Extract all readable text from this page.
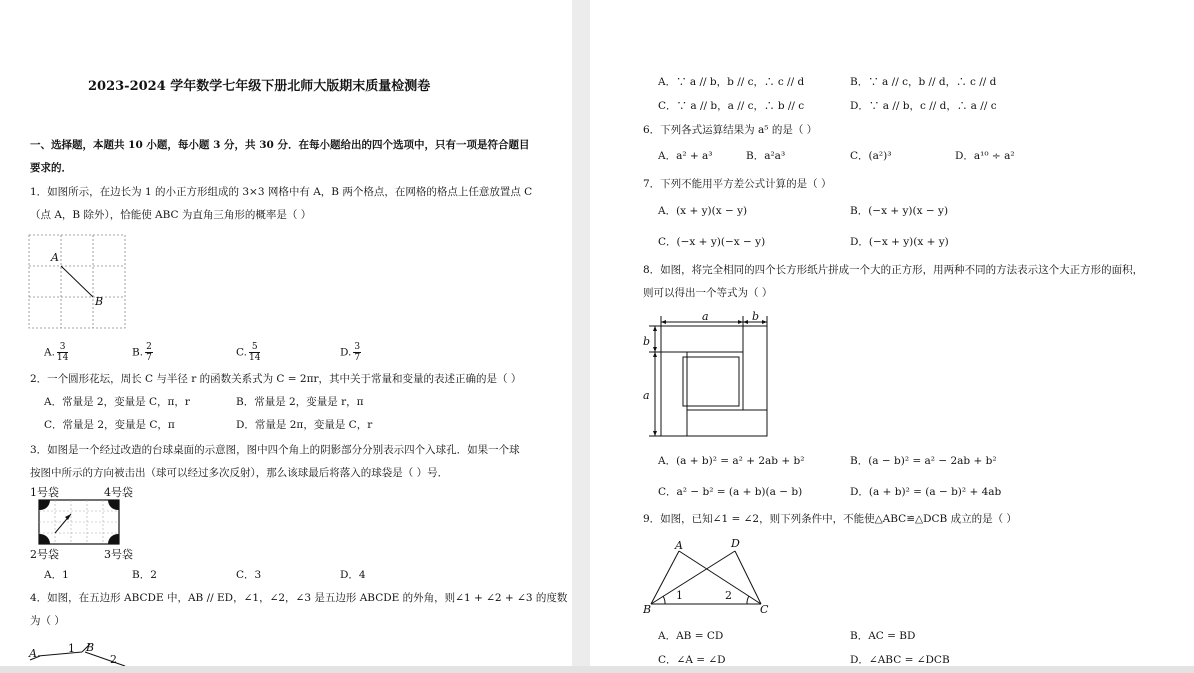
2023-2024 学年数学七年级下册北师大版期末质量检测卷
一、选择题，本题共 10 小题，每小题 3 分，共 30 分．在每小题给出的四个选项中，只有一项是符合题目
要求的．
1．如图所示，在边长为 1 的小正方形组成的 3×3 网格中有 A，B 两个格点，在网格的格点上任意放置点 C
（点 A，B 除外），恰能使 ABC 为直角三角形的概率是（ ）
A
B
A. $\frac{3}{14}$	B. $\frac{2}{7}$	C. $\frac{5}{14}$	D. $\frac{3}{7}$
2．一个圆形花坛，周长 C 与半径 r 的函数关系式为 C = 2πr，其中关于常量和变量的表述正确的是（ ）
A．常量是 2，变量是 C，π，r	B．常量是 2，变量是 r，π
C．常量是 2，变量是 C，π	D．常量是 2π，变量是 C，r
3．如图是一个经过改造的台球桌面的示意图，图中四个角上的阴影部分分别表示四个入球孔．如果一个球
按图中所示的方向被击出（球可以经过多次反射），那么该球最后将落入的球袋是（ ）号．
1号袋	4号袋
2号袋	3号袋
A．1	B．2	C．3	D．4
4．如图，在五边形 ABCDE 中，AB // ED，∠1，∠2，∠3 是五边形 ABCDE 的外角，则∠1 + ∠2 + ∠3 的度数
为（ ）
A	B
1
2
A．∵ a // b，b // c，∴ c // d	B．∵ a // c，b // d，∴ c // d
C．∵ a // b，a // c，∴ b // c	D．∵ a // b，c // d，∴ a // c
6．下列各式运算结果为 a⁵ 的是（ ）
A．a² + a³	B．a²a³	C．(a²)³	D．a¹⁰ ÷ a²
7．下列不能用平方差公式计算的是（ ）
A．(x + y)(x − y)	B．(−x + y)(x − y)
C．(−x + y)(−x − y)	D．(−x + y)(x + y)
8．如图，将完全相同的四个长方形纸片拼成一个大的正方形，用两种不同的方法表示这个大正方形的面积，
则可以得出一个等式为（ ）
a	b
b
a
A．(a + b)² = a² + 2ab + b²	B．(a − b)² = a² − 2ab + b²
C．a² − b² = (a + b)(a − b)	D．(a + b)² = (a − b)² + 4ab
9．如图，已知∠1 = ∠2，则下列条件中，不能使△ABC≌△DCB 成立的是（ ）
A	D
B	C
1	2
A．AB = CD	B．AC = BD
C．∠A = ∠D	D．∠ABC = ∠DCB
